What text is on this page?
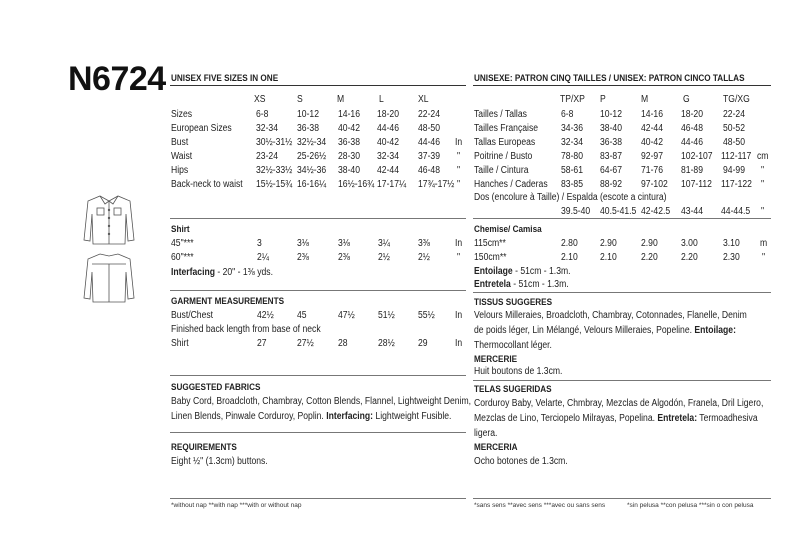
N6724 UNISEX FIVE SIZES IN ONE
XS	S	M	L	XL
Sizes	6-8	10-12 14-16 18-20 22-24
European Sizes 32-34 36-38 40-42 44-46 48-50
Bust	30½-31½ 32½-34 36-38 40-42 44-46 In
Waist	23-24 25-26½ 28-30 32-34 37-39 "
Hips	32½-33½ 34½-36 38-40 42-44 46-48 "
Back-neck to waist 15½-15¾ 16-16¼ 16½-16¾ 17-17¼ 17¾-17½ "
Shirt
45"***	3	3⅛	3⅛	3¼	3⅜	In
60"***	2¼	2⅜	2⅜	2½	2½	"
Interfacing - 20" - 1⅜ yds.
GARMENT MEASUREMENTS
Bust/Chest	42½ 45	47½ 51½ 55½ In
Finished back length from base of neck
Shirt	27	27½ 28	28½ 29	In
SUGGESTED FABRICS
Baby Cord, Broadcloth, Chambray, Cotton Blends, Flannel, Lightweight Denim,
Linen Blends, Pinwale Corduroy, Poplin. Interfacing: Lightweight Fusible.
REQUIREMENTS
Eight ½" (1.3cm) buttons.
*without nap **with nap ***with or without nap
UNISEXE: PATRON CINQ TAILLES / UNISEX: PATRON CINCO TALLAS
TP/XP P	M	G	TG/XG
Tailles / Tallas	6-8	10-12 14-16 18-20 22-24
Tailles Française 34-36 38-40 42-44 46-48 50-52
Tallas Europeas	32-34 36-38 40-42 44-46 48-50
Poitrine / Busto	78-80 83-87 92-97 102-107 112-117 cm
Taille / Cintura	58-61 64-67 71-76 81-89 94-99 "
Hanches / Caderas 83-85 88-92 97-102 107-112 117-122 "
Dos (encolure à Taille) / Espalda (escote a cintura)
39.5-40 40.5-41.5 42-42.5 43-44 44-44.5 "
Chemise/ Camisa
115cm**	2.80 2.90 2.90 3.00	3.10 m
150cm**	2.10 2.10 2.20 2.20	2.30 "
Entoilage - 51cm - 1.3m.
Entretela - 51cm - 1.3m.
TISSUS SUGGERES
Velours Milleraies, Broadcloth, Chambray, Cotonnades, Flanelle, Denim
de poids léger, Lin Mélangé, Velours Milleraies, Popeline. Entoilage:
Thermocollant léger.
MERCERIE
Huit boutons de 1.3cm.
TELAS SUGERIDAS
Corduroy Baby, Velarte, Chmbray, Mezclas de Algodón, Franela, Dril Ligero,
Mezclas de Lino, Terciopelo Milrayas, Popelina. Entretela: Termoadhesiva
ligera.
MERCERIA
Ocho botones de 1.3cm.
*sans sens **avec sens ***avec ou sans sens	*sin pelusa **con pelusa ***sin o con pelusa
